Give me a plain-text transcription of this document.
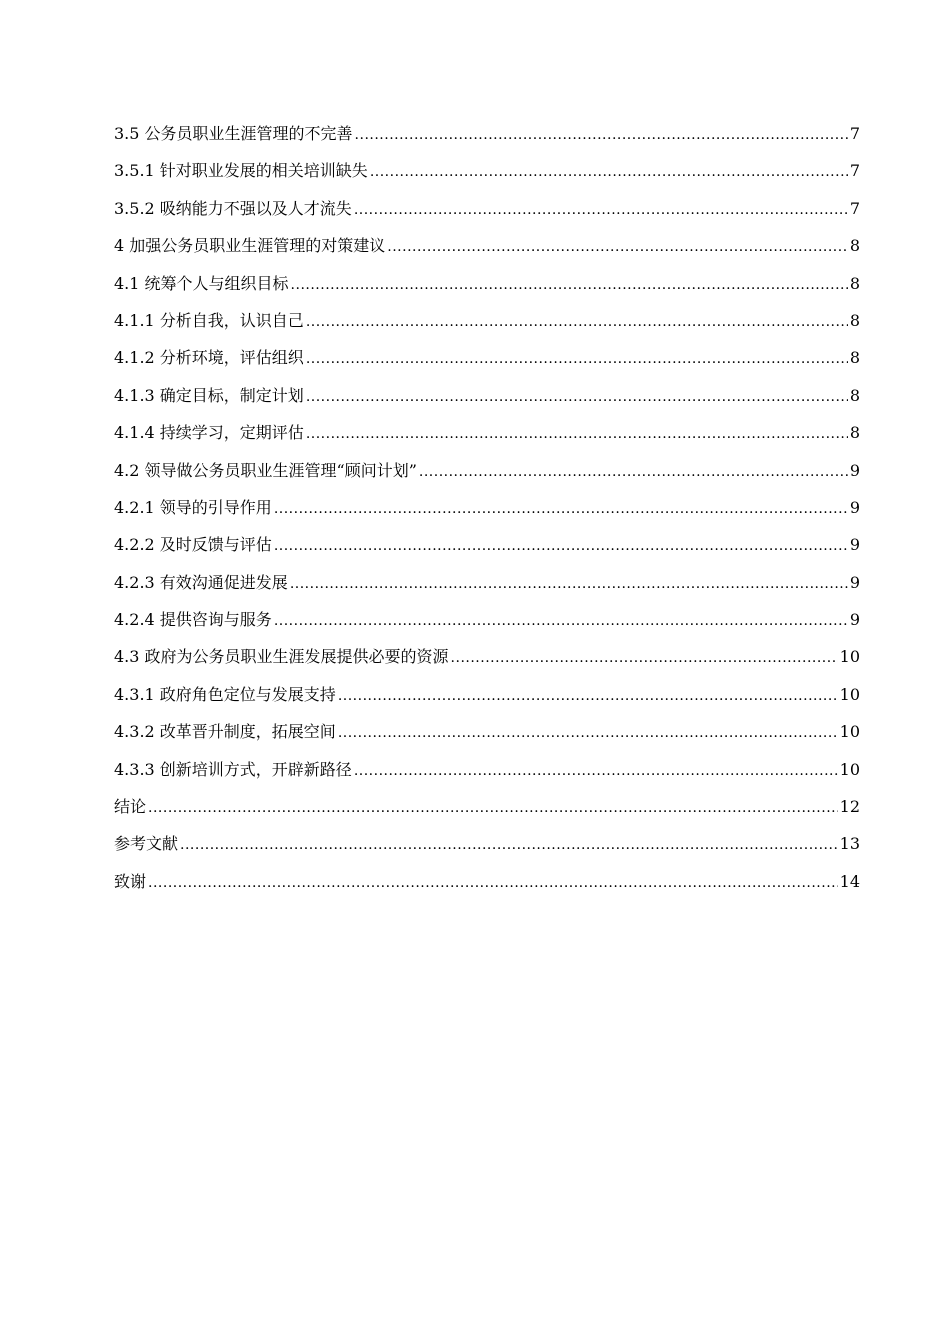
3.5 公务员职业生涯管理的不完善 .....	7
3.5.1 针对职业发展的相关培训缺失 .....	7
3.5.2 吸纳能力不强以及人才流失 .....	7
4 加强公务员职业生涯管理的对策建议 .....	8
4.1 统筹个人与组织目标 .....	8
4.1.1 分析自我，认识自己 .....	8
4.1.2 分析环境，评估组织 .....	8
4.1.3 确定目标，制定计划 .....	8
4.1.4 持续学习，定期评估 .....	8
4.2 领导做公务员职业生涯管理“顾问计划” .....	9
4.2.1 领导的引导作用 .....	9
4.2.2 及时反馈与评估 .....	9
4.2.3 有效沟通促进发展 .....	9
4.2.4 提供咨询与服务 .....	9
4.3 政府为公务员职业生涯发展提供必要的资源 .....	10
4.3.1 政府角色定位与发展支持 .....	10
4.3.2 改革晋升制度，拓展空间 .....	10
4.3.3 创新培训方式，开辟新路径 .....	10
结论 .....	12
参考文献 .....	13
致谢 .....	14
